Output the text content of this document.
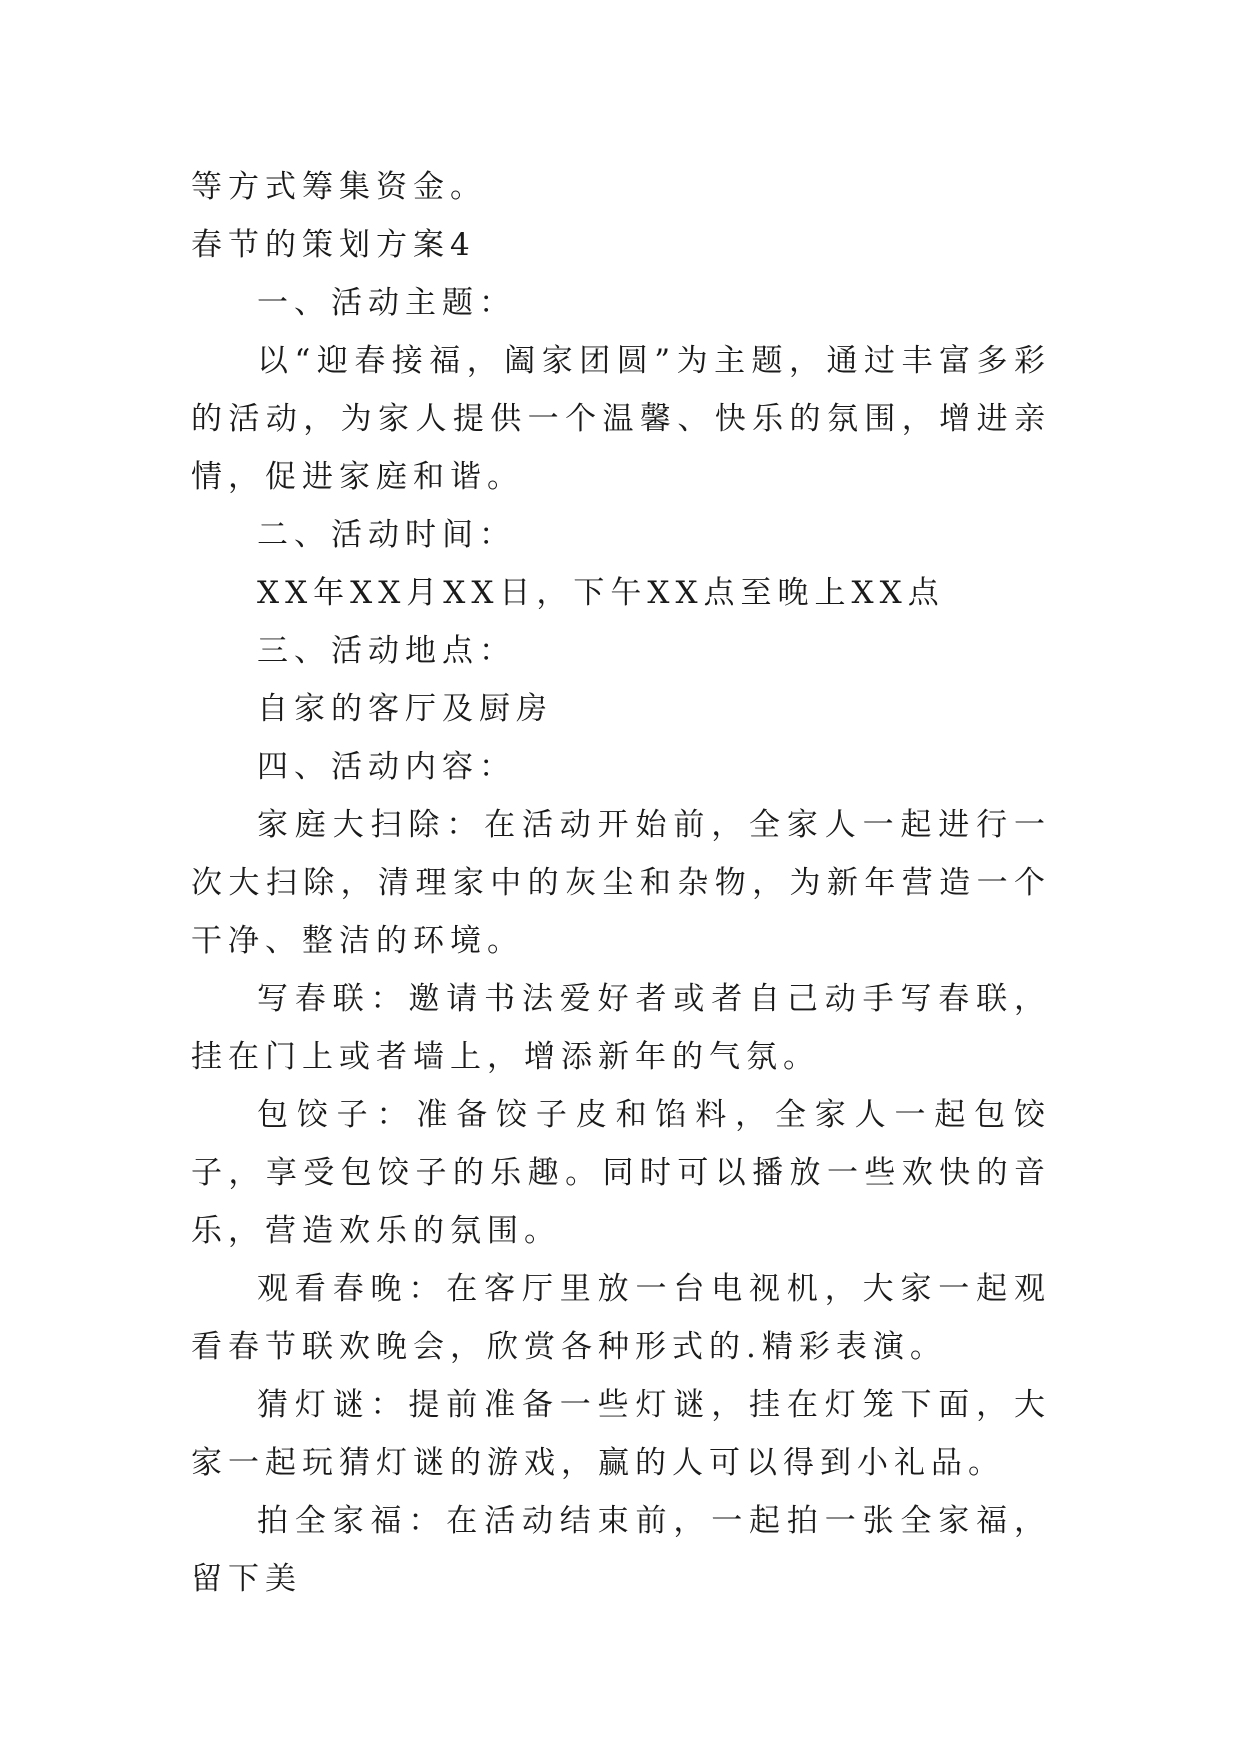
等方式筹集资金。

春节的策划方案4

一、活动主题：

以“迎春接福，阖家团圆”为主题，通过丰富多彩的活动，为家人提供一个温馨、快乐的氛围，增进亲情，促进家庭和谐。

二、活动时间：

XX年XX月XX日，下午XX点至晚上XX点

三、活动地点：

自家的客厅及厨房

四、活动内容：

家庭大扫除：在活动开始前，全家人一起进行一次大扫除，清理家中的灰尘和杂物，为新年营造一个干净、整洁的环境。

写春联：邀请书法爱好者或者自己动手写春联，挂在门上或者墙上，增添新年的气氛。

包饺子：准备饺子皮和馅料，全家人一起包饺子，享受包饺子的乐趣。同时可以播放一些欢快的音乐，营造欢乐的氛围。

观看春晚：在客厅里放一台电视机，大家一起观看春节联欢晚会，欣赏各种形式的.精彩表演。

猜灯谜：提前准备一些灯谜，挂在灯笼下面，大家一起玩猜灯谜的游戏，赢的人可以得到小礼品。

拍全家福：在活动结束前，一起拍一张全家福，留下美
